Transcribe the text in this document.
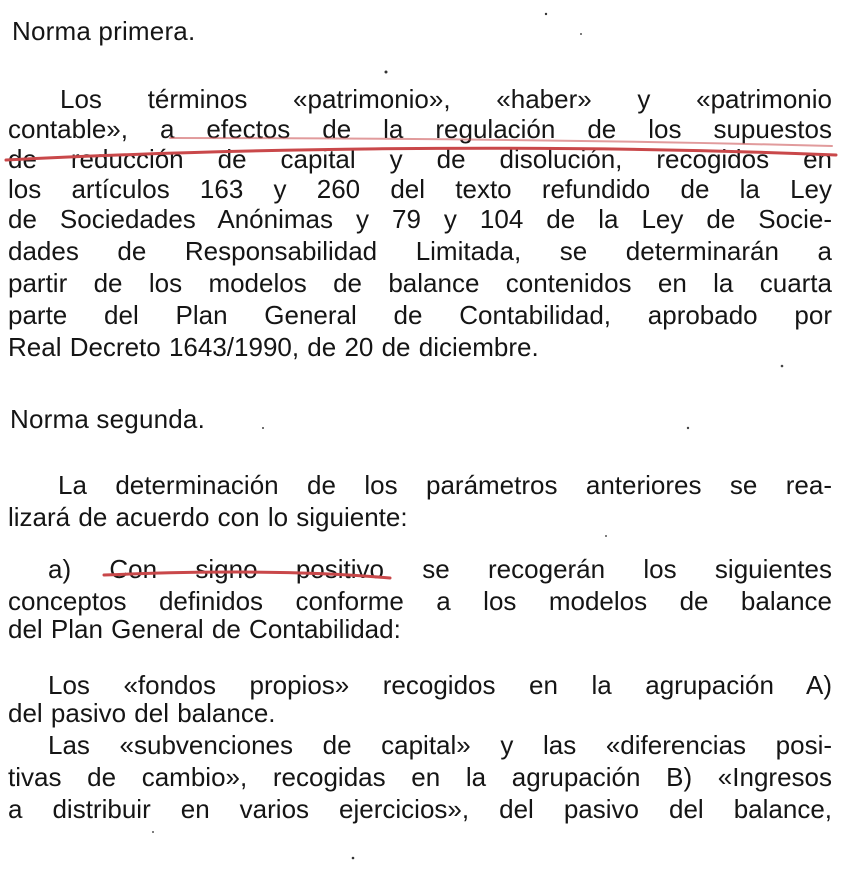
Norma primera.
Los términos «patrimonio», «haber» y «patrimonio
contable», a efectos de la regulación de los supuestos
de reducción de capital y de disolución, recogidos en
los artículos 163 y 260 del texto refundido de la Ley
de Sociedades Anónimas y 79 y 104 de la Ley de Socie-
dades de Responsabilidad Limitada, se determinarán a
partir de los modelos de balance contenidos en la cuarta
parte del Plan General de Contabilidad, aprobado por
Real Decreto 1643/1990, de 20 de diciembre.
Norma segunda.
La determinación de los parámetros anteriores se rea-
lizará de acuerdo con lo siguiente:
a) Con signo positivo se recogerán los siguientes
conceptos definidos conforme a los modelos de balance
del Plan General de Contabilidad:
Los «fondos propios» recogidos en la agrupación A)
del pasivo del balance.
Las «subvenciones de capital» y las «diferencias posi-
tivas de cambio», recogidas en la agrupación B) «Ingresos
a distribuir en varios ejercicios», del pasivo del balance,
